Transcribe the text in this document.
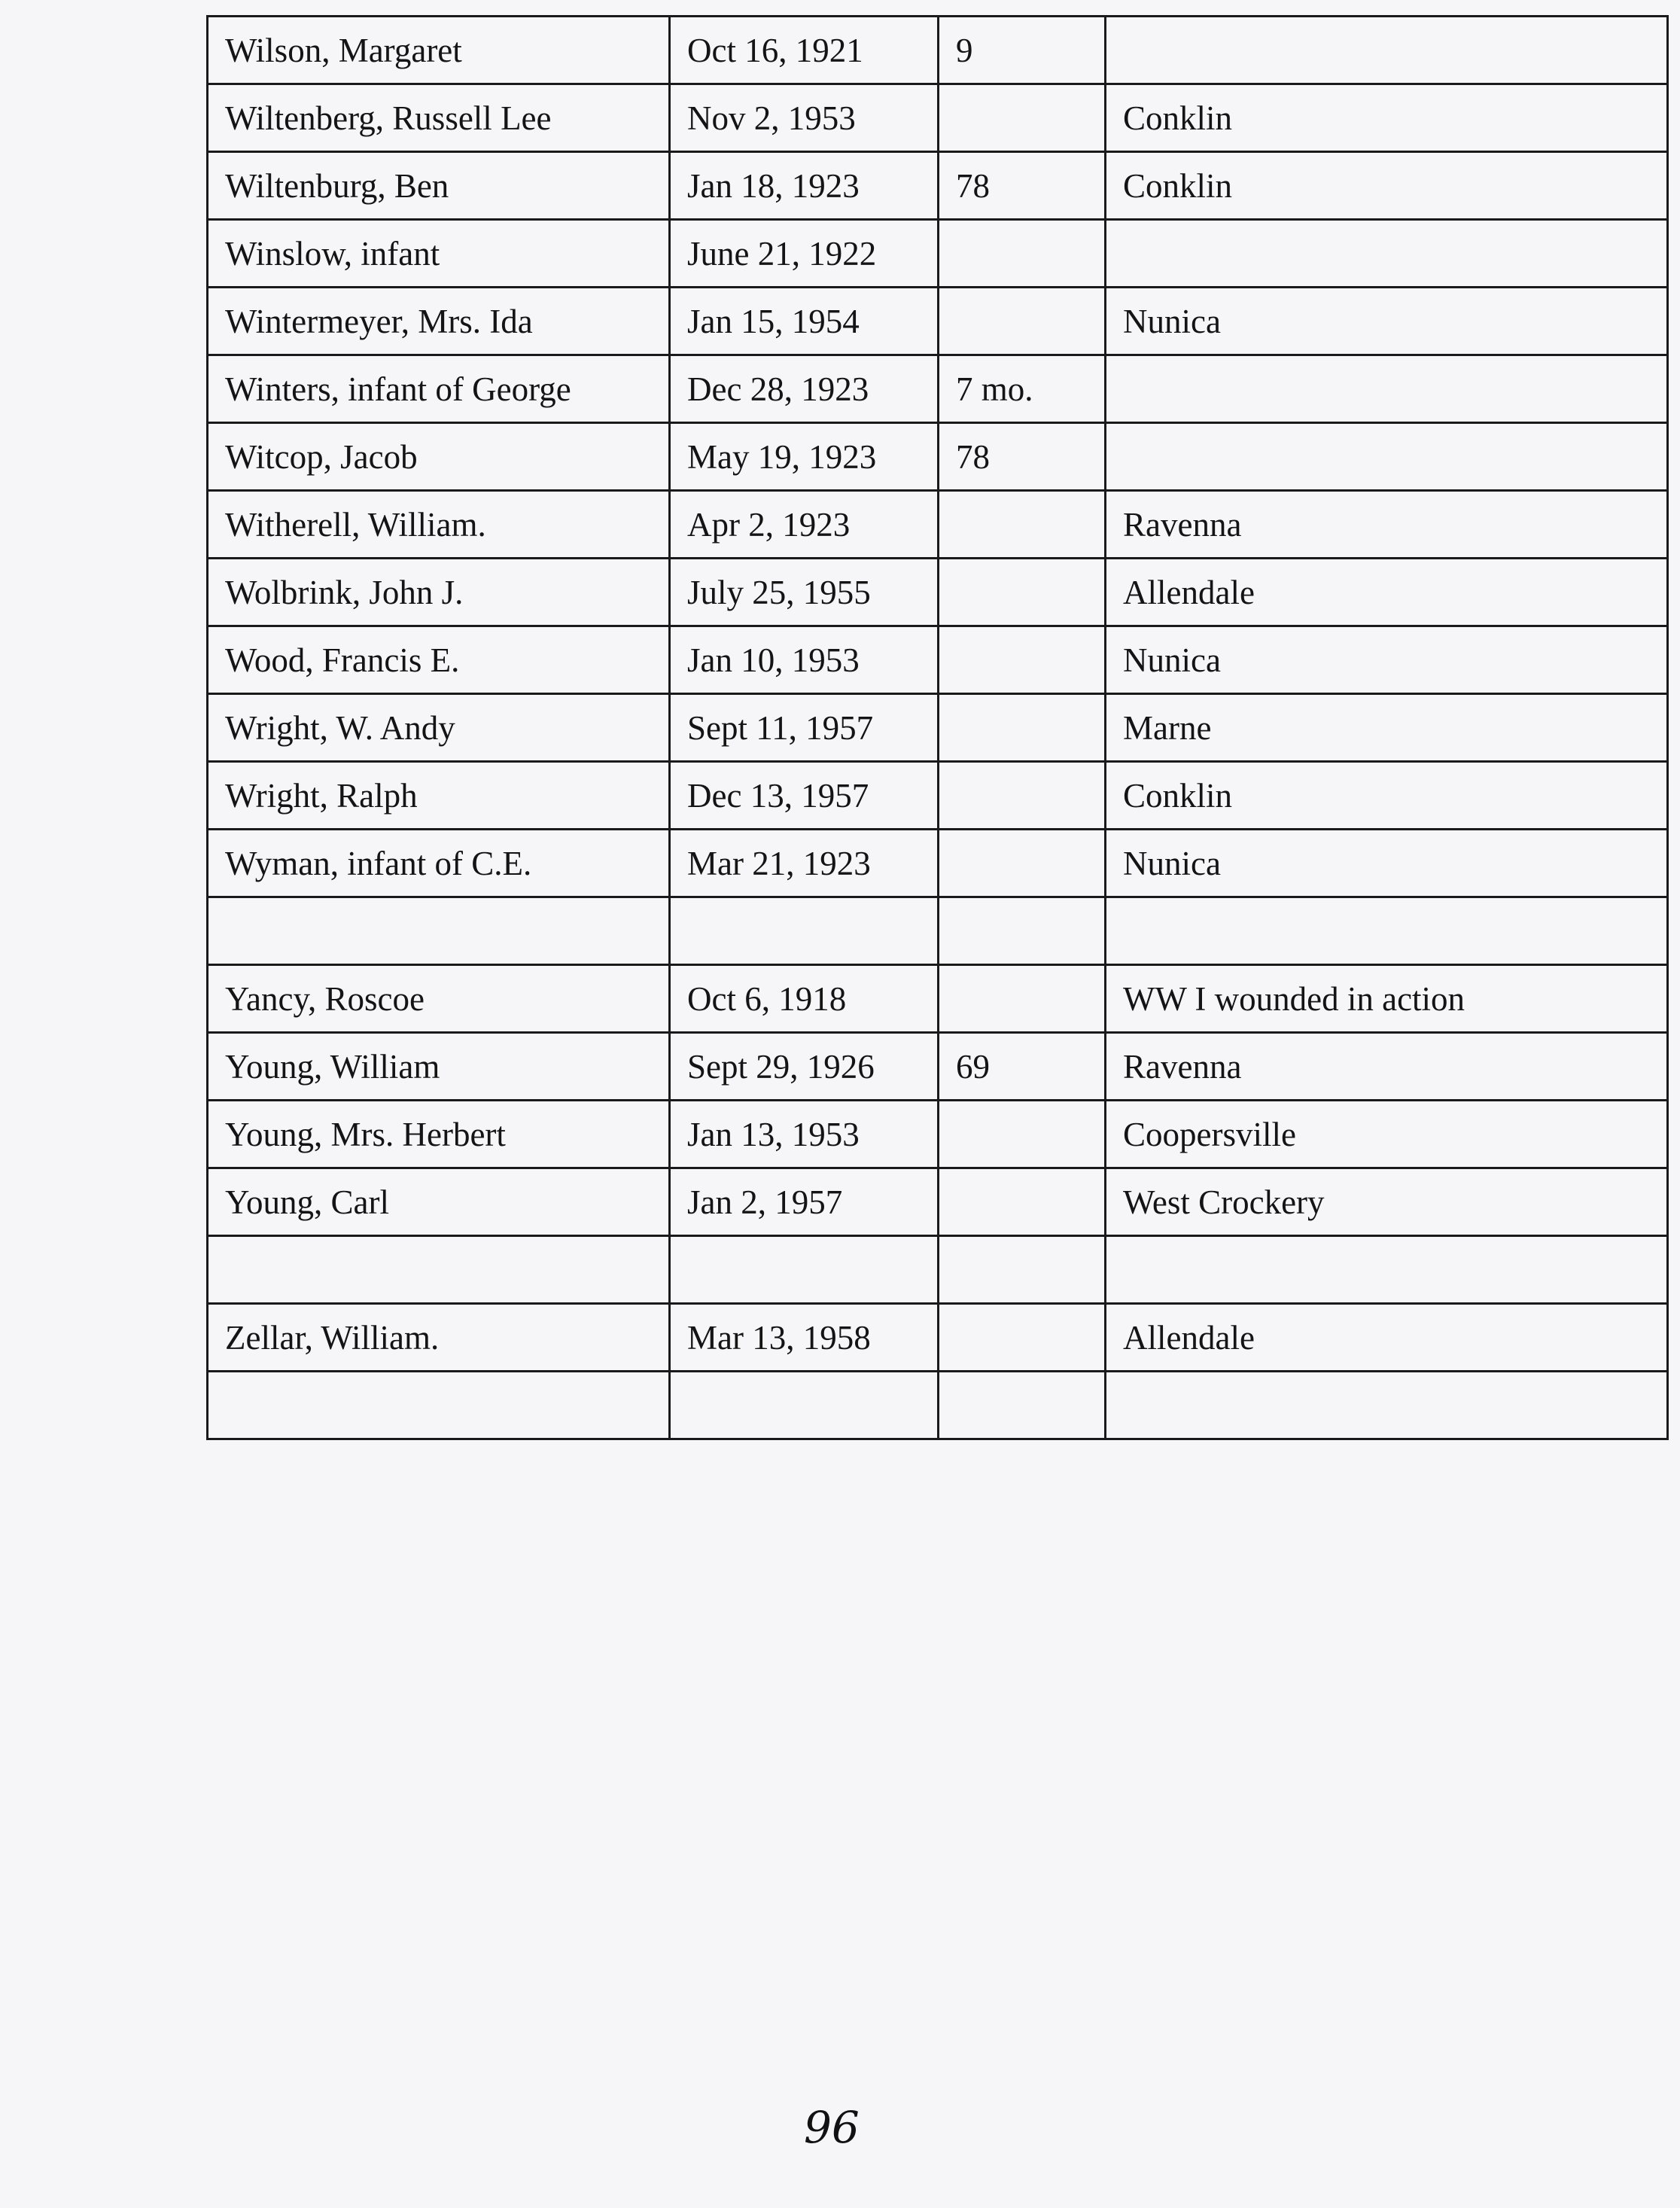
Wilson, Margaret	Oct 16, 1921	9	
Wiltenberg, Russell Lee	Nov 2, 1953		Conklin
Wiltenburg, Ben	Jan 18, 1923	78	Conklin
Winslow, infant	June 21, 1922		
Wintermeyer, Mrs. Ida	Jan 15, 1954		Nunica
Winters, infant of George	Dec 28, 1923	7 mo.	
Witcop, Jacob	May 19, 1923	78	
Witherell, William.	Apr 2, 1923		Ravenna
Wolbrink, John J.	July 25, 1955		Allendale
Wood, Francis E.	Jan 10, 1953		Nunica
Wright, W. Andy	Sept 11, 1957		Marne
Wright, Ralph	Dec 13, 1957		Conklin
Wyman, infant of C.E.	Mar 21, 1923		Nunica

Yancy, Roscoe	Oct 6, 1918		WW I wounded in action
Young, William	Sept 29, 1926	69	Ravenna
Young, Mrs. Herbert	Jan 13, 1953		Coopersville
Young, Carl	Jan 2, 1957		West Crockery

Zellar, William.	Mar 13, 1958		Allendale

96
